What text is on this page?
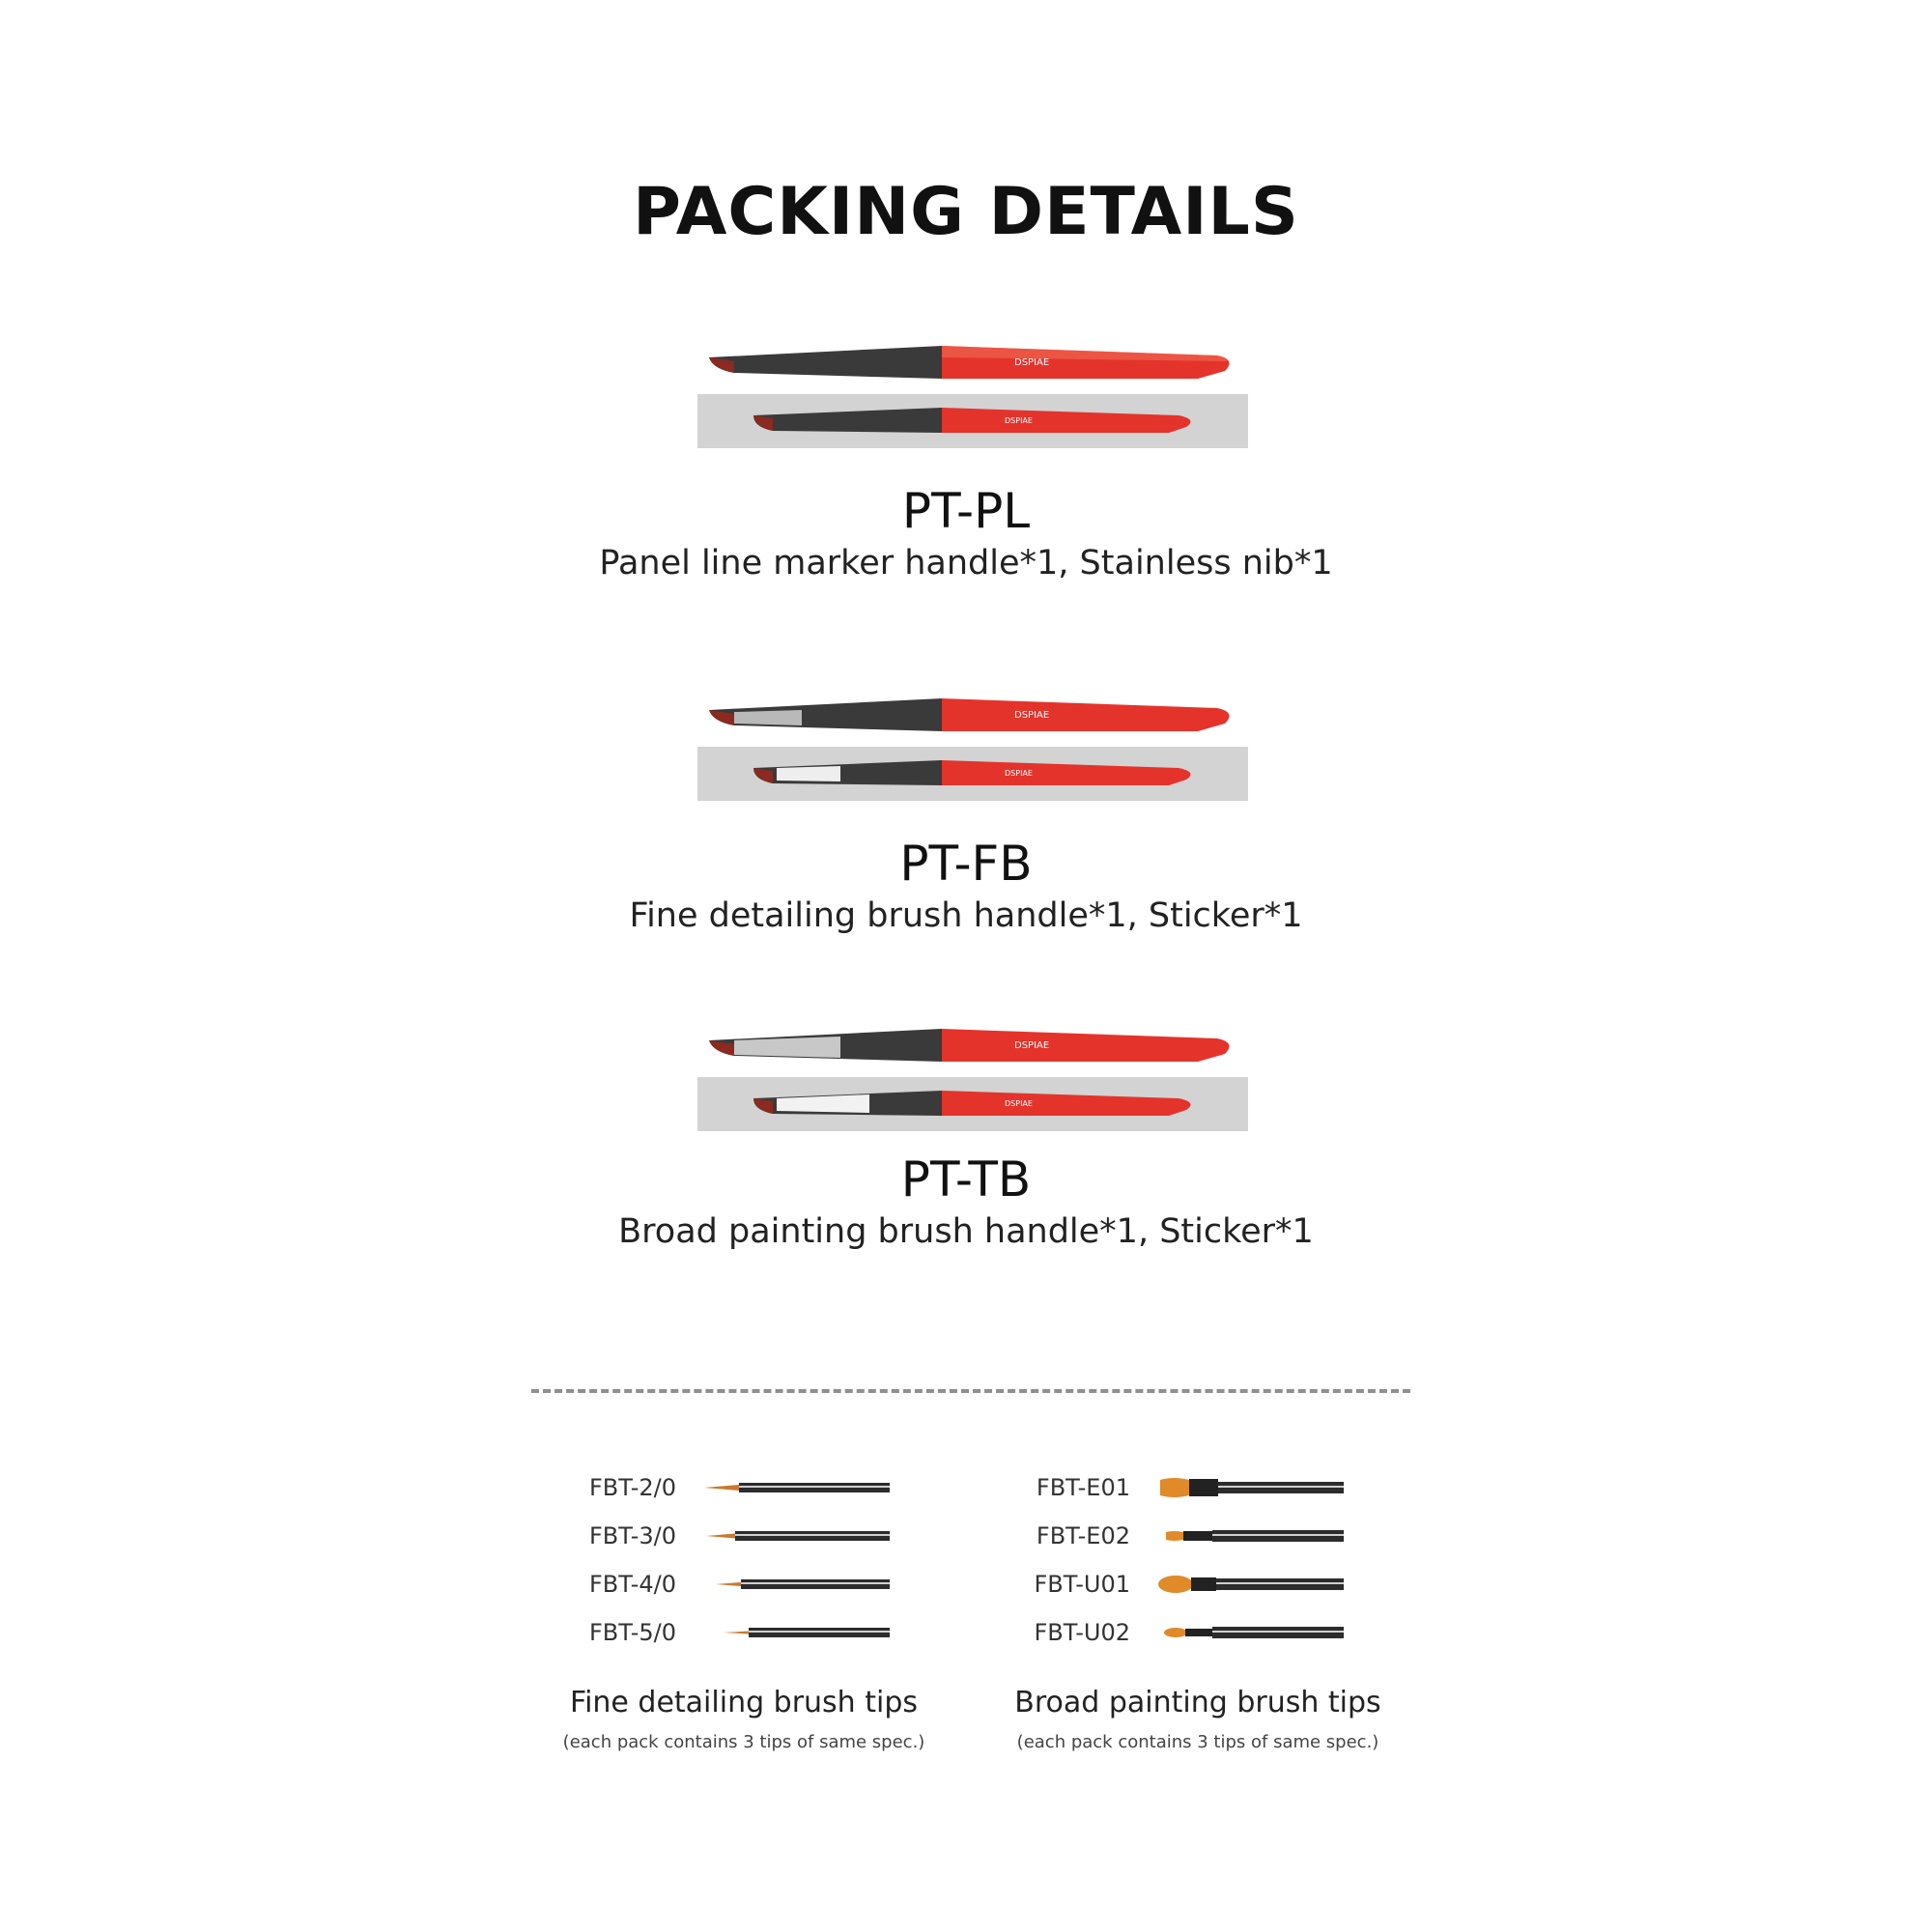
PACKING DETAILS
DSPIAE
DSPIAE
PT-PL
Panel line marker handle*1, Stainless nib*1
DSPIAE
DSPIAE
PT-FB
Fine detailing brush handle*1, Sticker*1
DSPIAE
DSPIAE
PT-TB
Broad painting brush handle*1, Sticker*1
FBT-2/0
FBT-3/0
FBT-4/0
FBT-5/0
Fine detailing brush tips
(each pack contains 3 tips of same spec.)
FBT-E01
FBT-E02
FBT-U01
FBT-U02
Broad painting brush tips
(each pack contains 3 tips of same spec.)
